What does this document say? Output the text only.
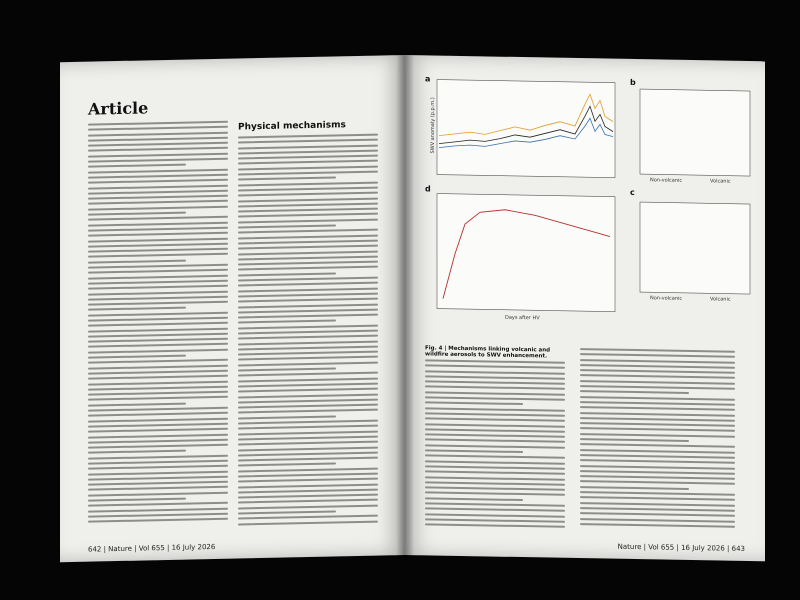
Article
Physical mechanisms
642 | Nature | Vol 655 | 16 July 2026
a
SWV anomaly (p.p.m.)
b
Non-volcanic	Volcanic
d
Days after HV
c
Non-volcanic	Volcanic
Fig. 4 | Mechanisms linking volcanic and wildfire aerosols to SWV enhancement.
Nature | Vol 655 | 16 July 2026 | 643
